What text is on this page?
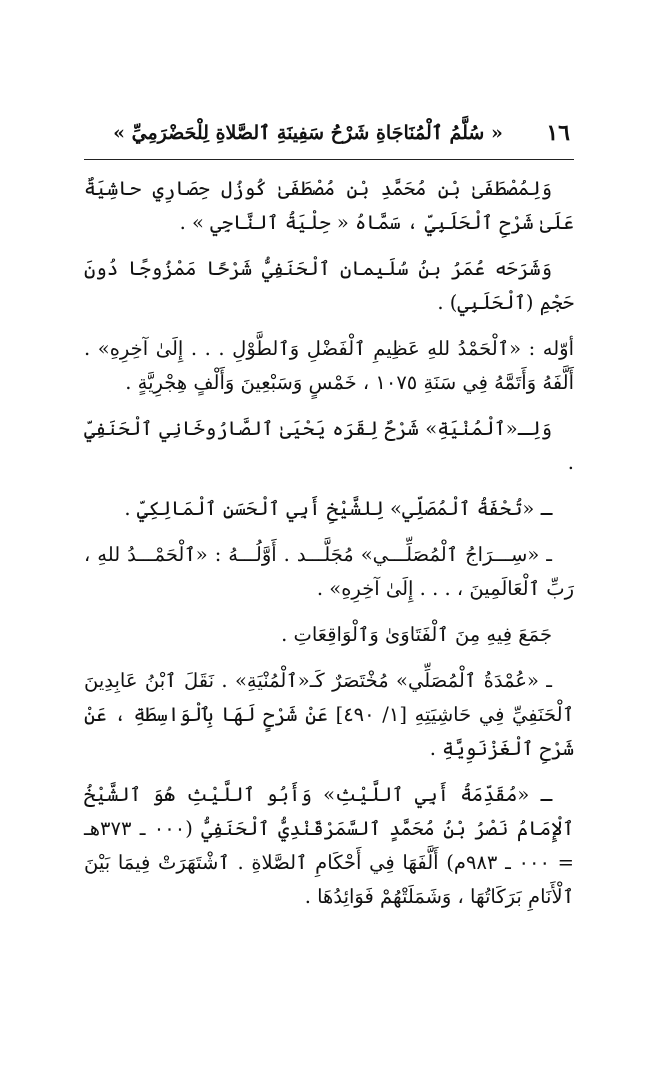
١٦
« سُلَّمُ ٱلْمُنَاجَاةِ شَرْحُ سَفِينَةِ ٱلصَّلاةِ لِلْحَضْرَمِيِّ »

وَلِمُصْطَفَىٰ بْنِ مُحَمَّدِ بْنِ مُصْطَفَىٰ كُوزُل حِصَارِي حاشِيَةٌ عَلَىٰ شَرْحِ ٱلْحَلَبِيِّ ، سَمَّاهُ « حِلْيَةُ ٱلنَّاجِي » .

وَشَرَحَه عُمَرُ بنُ سُلَيمان ٱلْحَنَفِيُّ شَرْحًا مَمْزُوجًا دُونَ حَجْمِ (ٱلْحَلَبِي) .

أوّله : «ٱلْحَمْدُ للهِ عَظِيمِ ٱلْفَضْلِ وَٱلطَّوْلِ . . . إِلَىٰ آخِرِهِ» . أَلَّفَهُ وَأَتَمَّهُ فِي سَنَةِ ١٠٧٥ ، خَمْسٍ وَسَبْعِينَ وَأَلْفٍ هِجْرِيَّةٍ .

وَلِـ«ٱلْمُنْيَةِ» شَرْحٌ لِقَرَه يَحْيَىٰ ٱلصَّارُوخَانِي ٱلْحَنَفِيِّ .

ـ «تُحْفَةُ ٱلْمُصَلِّي» لِلشَّيْخِ أَبِي ٱلْحَسَنِ ٱلْمَالِكِيِّ .

ـ «سِـــرَاجُ ٱلْمُصَلِّـــي» مُجَلَّـــد . أَوَّلُـــهُ : «ٱلْحَمْـــدُ للهِ ، رَبِّ ٱلْعَالَمِينَ ، . . . إِلَىٰ آخِرِهِ» .

جَمَعَ فِيهِ مِنَ ٱلْفَتَاوَىٰ وَٱلْوَاقِعَاتِ .

ـ «عُمْدَةُ ٱلْمُصَلِّي» مُخْتَصَرٌ كَـ«ٱلْمُنْيَةِ» . نَقَلَ ٱبْنُ عَابِدِينَ ٱلْحَنَفِيِّ فِي حَاشِيَتِهِ [١/ ٤٩٠] عَنْ شَرْحٍ لَهَا بِٱلْوَاسِطَةِ ، عَنْ شَرْحِ ٱلْغَزْنَوِيَّةِ .

ـ «مُقَدِّمَةُ أَبِي ٱللَّيْثِ» وَأَبُو ٱللَّيْثِ هُوَ ٱلشَّيْخُ ٱلْإِمَامُ نَصْرُ بْنُ مُحَمَّدٍ ٱلسَّمَرْقَنْدِيُّ ٱلْحَنَفِيُّ (٠٠٠ ـ ٣٧٣هـ = ٠٠٠ ـ ٩٨٣م) أَلَّفَهَا فِي أَحْكَامِ ٱلصَّلاةِ . ٱشْتَهَرَتْ فِيمَا بَيْنَ ٱلْأَنَامِ بَرَكَاتُهَا ، وَشَمَلَتْهُمْ فَوَائِدُهَا .
